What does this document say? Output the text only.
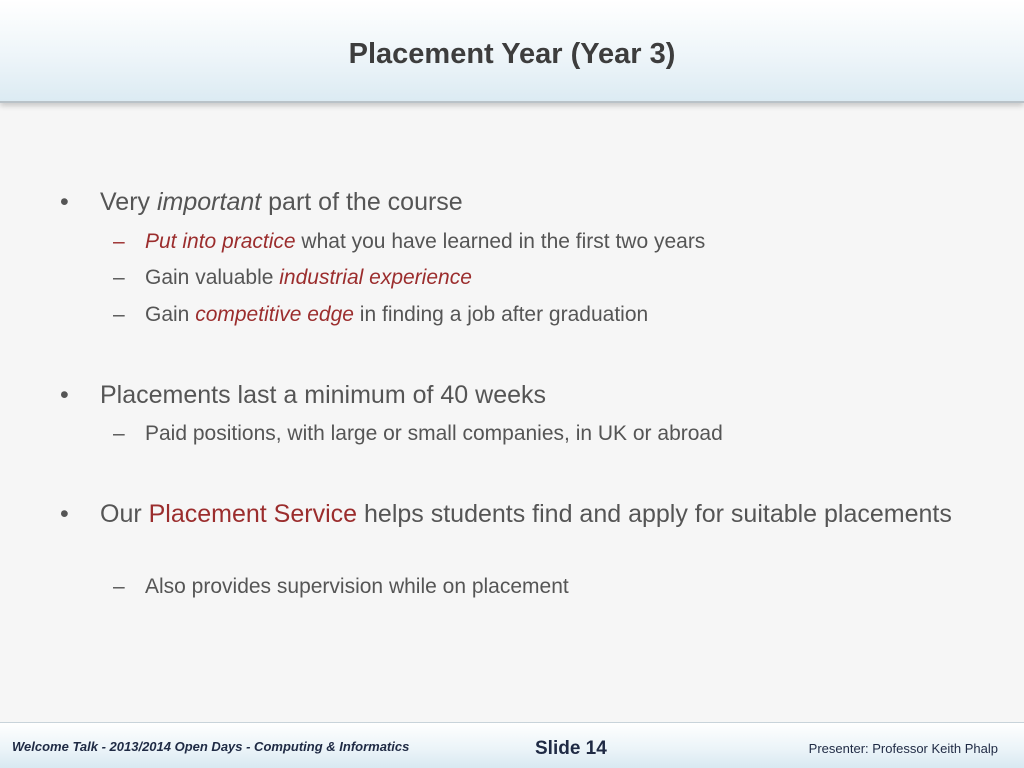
Placement Year (Year 3)
• Very important part of the course
– Put into practice what you have learned in the first two years
– Gain valuable industrial experience
– Gain competitive edge in finding a job after graduation
• Placements last a minimum of 40 weeks
– Paid positions, with large or small companies, in UK or abroad
• Our Placement Service helps students find and apply for suitable placements
– Also provides supervision while on placement
Welcome Talk - 2013/2014 Open Days - Computing & Informatics	Slide 14	Presenter: Professor Keith Phalp
